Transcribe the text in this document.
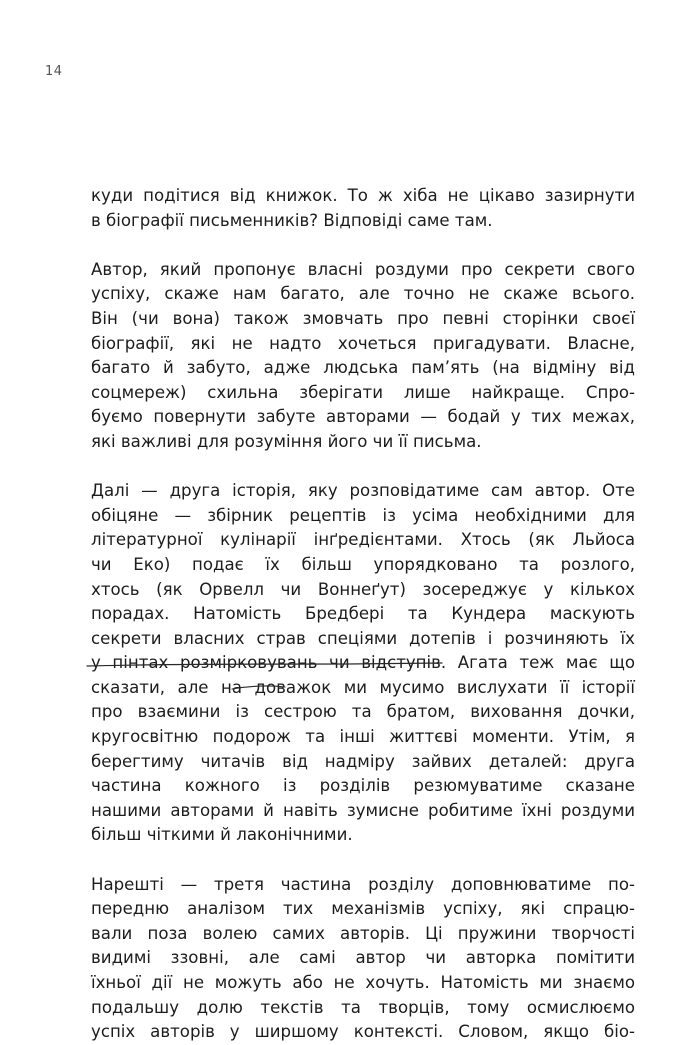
14
куди подітися від книжок. То ж хіба не цікаво зазирнути
в біографії письменників? Відповіді саме там.
Автор, який пропонує власні роздуми про секрети свого
успіху, скаже нам багато, але точно не скаже всього.
Він (чи вона) також змовчать про певні сторінки своєї
біографії, які не надто хочеться пригадувати. Власне,
багато й забуто, адже людська пам’ять (на відміну від
соцмереж) схильна зберігати лише найкраще. Спро-
буємо повернути забуте авторами — бодай у тих межах,
які важливі для розуміння його чи її письма.
Далі — друга історія, яку розповідатиме сам автор. Оте
обіцяне — збірник рецептів із усіма необхідними для
літературної кулінарії інґредієнтами. Хтось (як Льйоса
чи Еко) подає їх більш упорядковано та розлого,
хтось (як Орвелл чи Воннеґут) зосереджує у кількох
порадах. Натомість Бредбері та Кундера маскують
секрети власних страв спеціями дотепів і розчиняють їх
у пінтах розмірковувань чи відступів. Агата теж має що
сказати, але на доважок ми мусимо вислухати її історії
про взаємини із сестрою та братом, виховання дочки,
кругосвітню подорож та інші життєві моменти. Утім, я
берегтиму читачів від надміру зайвих деталей: друга
частина кожного із розділів резюмуватиме сказане
нашими авторами й навіть зумисне робитиме їхні роздуми
більш чіткими й лаконічними.
Нарешті — третя частина розділу доповнюватиме по-
передню аналізом тих механізмів успіху, які спрацю-
вали поза волею самих авторів. Ці пружини творчості
видимі ззовні, але самі автор чи авторка помітити
їхньої дії не можуть або не хочуть. Натомість ми знаємо
подальшу долю текстів та творців, тому осмислюємо
успіх авторів у ширшому контексті. Словом, якщо біо-
